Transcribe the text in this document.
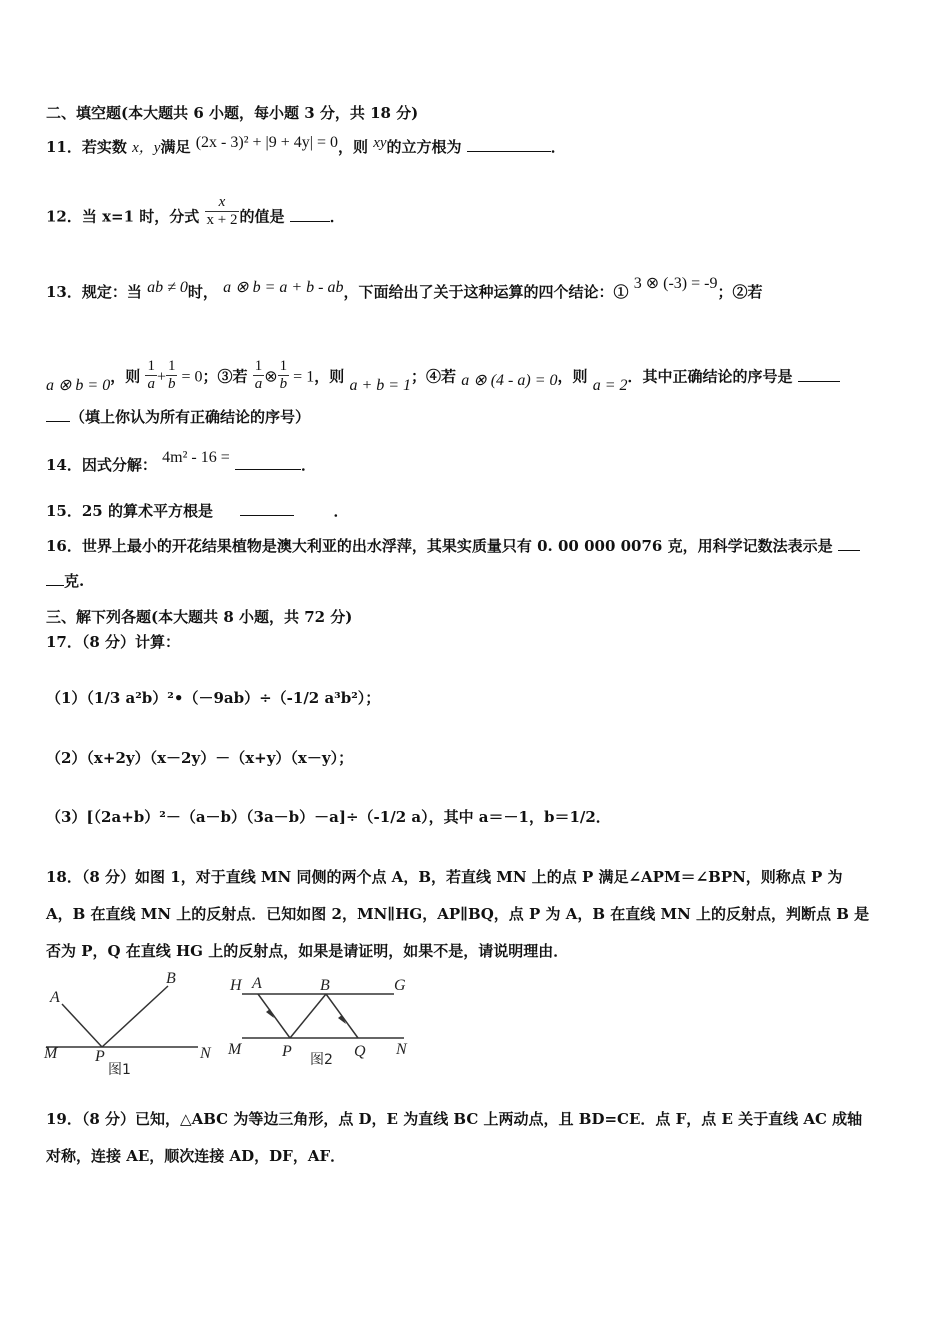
二、填空题(本大题共 6 小题，每小题 3 分，共 18 分)
11．若实数 x，y满足 (2x - 3)² + |9 + 4y| = 0，则 xy的立方根为	．
12．当 x=1 时，分式 $\frac{x}{x + 2}$ 的值是	．
13．规定：当 ab ≠ 0时， a ⊗ b = a + b - ab，下面给出了关于这种运算的四个结论：① 3 ⊗ (-3) = -9；②若
a ⊗ b = 0，则 $\frac{1}{a} + \frac{1}{b} = 0$；③若 $\frac{1}{a}$ ⊗ $\frac{1}{b} = 1$，则 a + b = 1；④若 a ⊗ (4 - a) = 0，则 a = 2．其中正确结论的序号是
（填上你认为所有正确结论的序号）
14．因式分解： 4m² - 16 =	．
15．25 的算术平方根是	．
16．世界上最小的开花结果植物是澳大利亚的出水浮萍，其果实质量只有 0. 00 000 0076 克，用科学记数法表示是
克.
三、解下列各题(本大题共 8 小题，共 72 分)
17．（8 分）计算：
（1）（1/3 a²b）²•（－9ab）÷（-1/2 a³b²）；
（2）（x+2y）（x－2y）－（x+y）（x－y）；
（3）[（2a+b）²－（a－b）（3a－b）－a]÷（-1/2 a），其中 a＝－1，b＝1/2．
18．（8 分）如图 1，对于直线 MN 同侧的两个点 A，B，若直线 MN 上的点 P 满足∠APM＝∠BPN，则称点 P 为
A，B 在直线 MN 上的反射点．已知如图 2，MN∥HG，AP∥BQ，点 P 为 A，B 在直线 MN 上的反射点，判断点 B 是
否为 P，Q 在直线 HG 上的反射点，如果是请证明，如果不是，请说明理由．
A
B
M P	N
图1
H A	B	G
M	P	Q N
图2
19．（8 分）已知，△ABC 为等边三角形，点 D，E 为直线 BC 上两动点，且 BD=CE．点 F，点 E 关于直线 AC 成轴
对称，连接 AE，顺次连接 AD，DF，AF．
